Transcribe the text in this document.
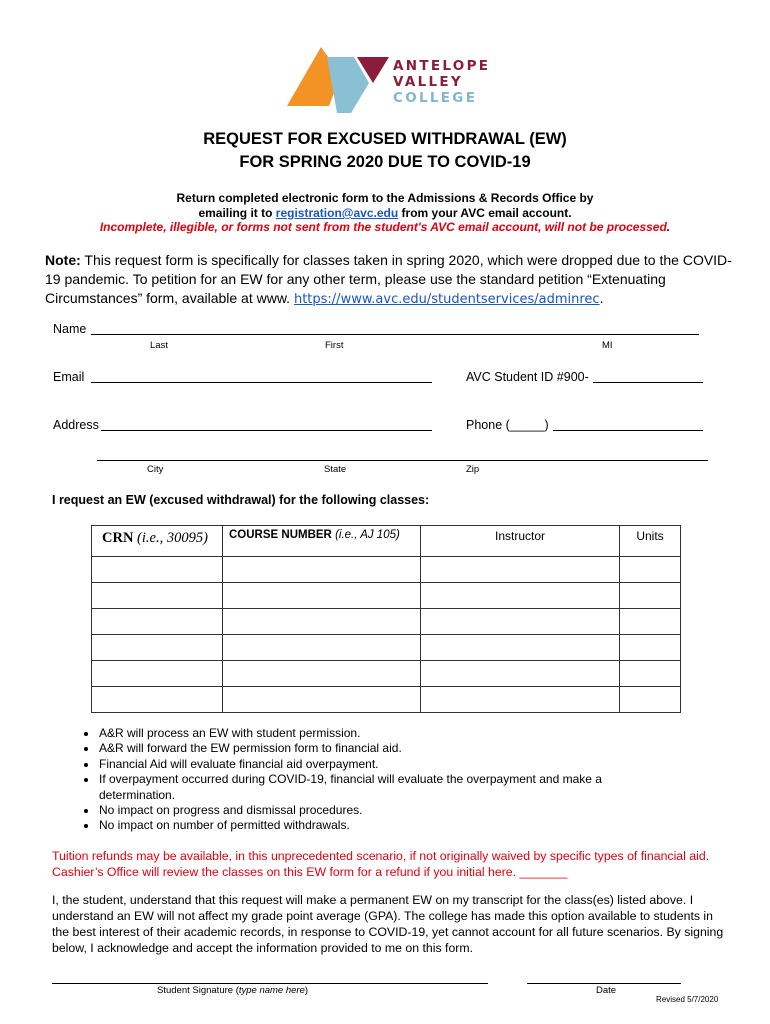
ANTELOPE
VALLEY
COLLEGE
REQUEST FOR EXCUSED WITHDRAWAL (EW)
FOR SPRING 2020 DUE TO COVID-19
Return completed electronic form to the Admissions & Records Office by
emailing it to registration@avc.edu from your AVC email account.
Incomplete, illegible, or forms not sent from the student's AVC email account, will not be processed.
Note: This request form is specifically for classes taken in spring 2020, which were dropped due to the COVID-19 pandemic. To petition for an EW for any other term, please use the standard petition “Extenuating Circumstances” form, available at www. https://www.avc.edu/studentservices/adminrec.
Name
Last	First	MI
Email	AVC Student ID #900-
Address	Phone (_____)
City	State	Zip
I request an EW (excused withdrawal) for the following classes:
CRN (i.e., 30095)	COURSE NUMBER (i.e., AJ 105)	Instructor	Units

• A&R will process an EW with student permission.
• A&R will forward the EW permission form to financial aid.
• Financial Aid will evaluate financial aid overpayment.
• If overpayment occurred during COVID-19, financial will evaluate the overpayment and make a determination.
• No impact on progress and dismissal procedures.
• No impact on number of permitted withdrawals.
Tuition refunds may be available, in this unprecedented scenario, if not originally waived by specific types of financial aid. Cashier’s Office will review the classes on this EW form for a refund if you initial here. _______
I, the student, understand that this request will make a permanent EW on my transcript for the class(es) listed above. I understand an EW will not affect my grade point average (GPA). The college has made this option available to students in the best interest of their academic records, in response to COVID-19, yet cannot account for all future scenarios. By signing below, I acknowledge and accept the information provided to me on this form.
Student Signature (type name here)	Date
Revised 5/7/2020
